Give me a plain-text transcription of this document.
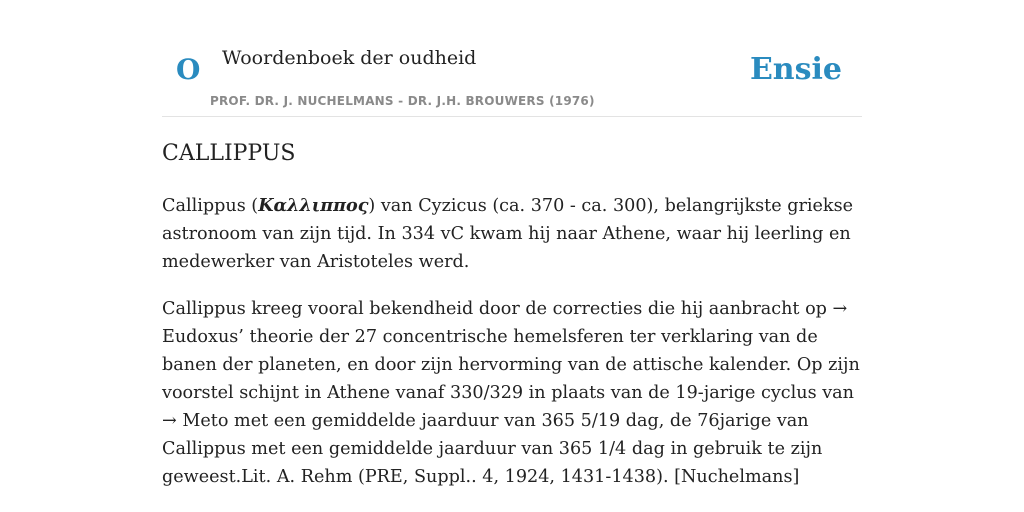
O Woordenboek der oudheid
PROF. DR. J. NUCHELMANS - DR. J.H. BROUWERS (1976)
Ensie
CALLIPPUS

Callippus (Καλλιππος) van Cyzicus (ca. 370 - ca. 300), belangrijkste griekse astronoom van zijn tijd. In 334 vC kwam hij naar Athene, waar hij leerling en medewerker van Aristoteles werd.

Callippus kreeg vooral bekendheid door de correcties die hij aanbracht op → Eudoxus’ theorie der 27 concentrische hemelsferen ter verklaring van de banen der planeten, en door zijn hervorming van de attische kalender. Op zijn voorstel schijnt in Athene vanaf 330/329 in plaats van de 19-jarige cyclus van → Meto met een gemiddelde jaarduur van 365 5/19 dag, de 76jarige van Callippus met een gemiddelde jaarduur van 365 1/4 dag in gebruik te zijn geweest.Lit. A. Rehm (PRE, Suppl.. 4, 1924, 1431-1438). [Nuchelmans]
